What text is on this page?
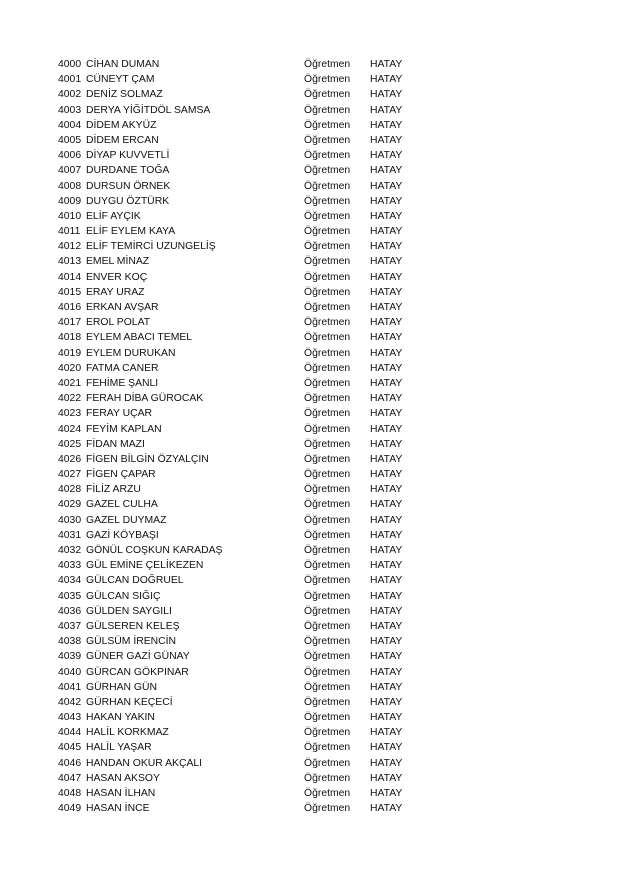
4000 CİHAN DUMAN	Öğretmen HATAY
4001 CÜNEYT ÇAM	Öğretmen HATAY
4002 DENİZ SOLMAZ	Öğretmen HATAY
4003 DERYA YİĞİTDÖL SAMSA	Öğretmen HATAY
4004 DİDEM AKYÜZ	Öğretmen HATAY
4005 DİDEM ERCAN	Öğretmen HATAY
4006 DİYAP KUVVETLİ	Öğretmen HATAY
4007 DURDANE TOĞA	Öğretmen HATAY
4008 DURSUN ÖRNEK	Öğretmen HATAY
4009 DUYGU ÖZTÜRK	Öğretmen HATAY
4010 ELİF AYÇIK	Öğretmen HATAY
4011 ELİF EYLEM KAYA	Öğretmen HATAY
4012 ELİF TEMİRCİ UZUNGELİŞ	Öğretmen HATAY
4013 EMEL MİNAZ	Öğretmen HATAY
4014 ENVER KOÇ	Öğretmen HATAY
4015 ERAY URAZ	Öğretmen HATAY
4016 ERKAN AVŞAR	Öğretmen HATAY
4017 EROL POLAT	Öğretmen HATAY
4018 EYLEM ABACI TEMEL	Öğretmen HATAY
4019 EYLEM DURUKAN	Öğretmen HATAY
4020 FATMA CANER	Öğretmen HATAY
4021 FEHİME ŞANLI	Öğretmen HATAY
4022 FERAH DİBA GÜROCAK	Öğretmen HATAY
4023 FERAY UÇAR	Öğretmen HATAY
4024 FEYİM KAPLAN	Öğretmen HATAY
4025 FİDAN MAZI	Öğretmen HATAY
4026 FİGEN BİLGİN ÖZYALÇIN	Öğretmen HATAY
4027 FİGEN ÇAPAR	Öğretmen HATAY
4028 FİLİZ ARZU	Öğretmen HATAY
4029 GAZEL CULHA	Öğretmen HATAY
4030 GAZEL DUYMAZ	Öğretmen HATAY
4031 GAZİ KÖYBAŞI	Öğretmen HATAY
4032 GÖNÜL COŞKUN KARADAŞ	Öğretmen HATAY
4033 GÜL EMİNE ÇELİKEZEN	Öğretmen HATAY
4034 GÜLCAN DOĞRUEL	Öğretmen HATAY
4035 GÜLCAN SIĞIÇ	Öğretmen HATAY
4036 GÜLDEN SAYGILI	Öğretmen HATAY
4037 GÜLSEREN KELEŞ	Öğretmen HATAY
4038 GÜLSÜM İRENCİN	Öğretmen HATAY
4039 GÜNER GAZİ GÜNAY	Öğretmen HATAY
4040 GÜRCAN GÖKPINAR	Öğretmen HATAY
4041 GÜRHAN GÜN	Öğretmen HATAY
4042 GÜRHAN KEÇECİ	Öğretmen HATAY
4043 HAKAN YAKIN	Öğretmen HATAY
4044 HALİL KORKMAZ	Öğretmen HATAY
4045 HALİL YAŞAR	Öğretmen HATAY
4046 HANDAN OKUR AKÇALI	Öğretmen HATAY
4047 HASAN AKSOY	Öğretmen HATAY
4048 HASAN İLHAN	Öğretmen HATAY
4049 HASAN İNCE	Öğretmen HATAY
